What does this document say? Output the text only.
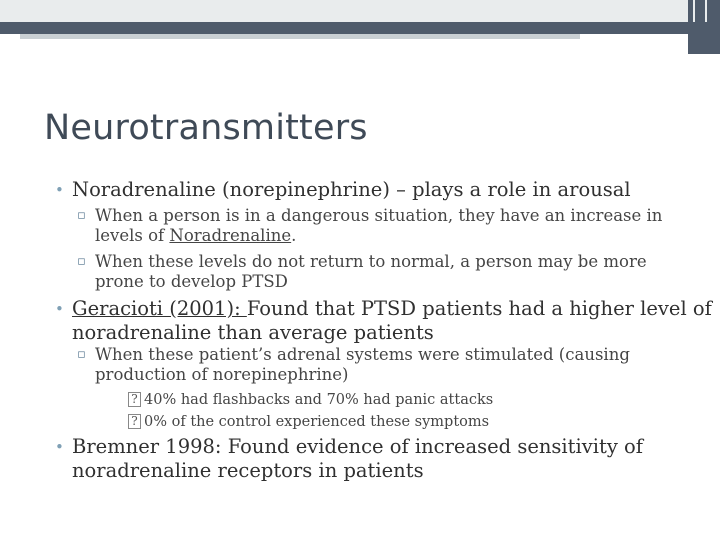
Neurotransmitters
• Noradrenaline (norepinephrine) – plays a role in arousal
▫ When a person is in a dangerous situation, they have an increase in levels of Noradrenaline.
▫ When these levels do not return to normal, a person may be more prone to develop PTSD
• Geracioti (2001): Found that PTSD patients had a higher level of noradrenaline than average patients
▫ When these patient’s adrenal systems were stimulated (causing production of norepinephrine)
? 40% had flashbacks and 70% had panic attacks
? 0% of the control experienced these symptoms
• Bremner 1998: Found evidence of increased sensitivity of noradrenaline receptors in patients
